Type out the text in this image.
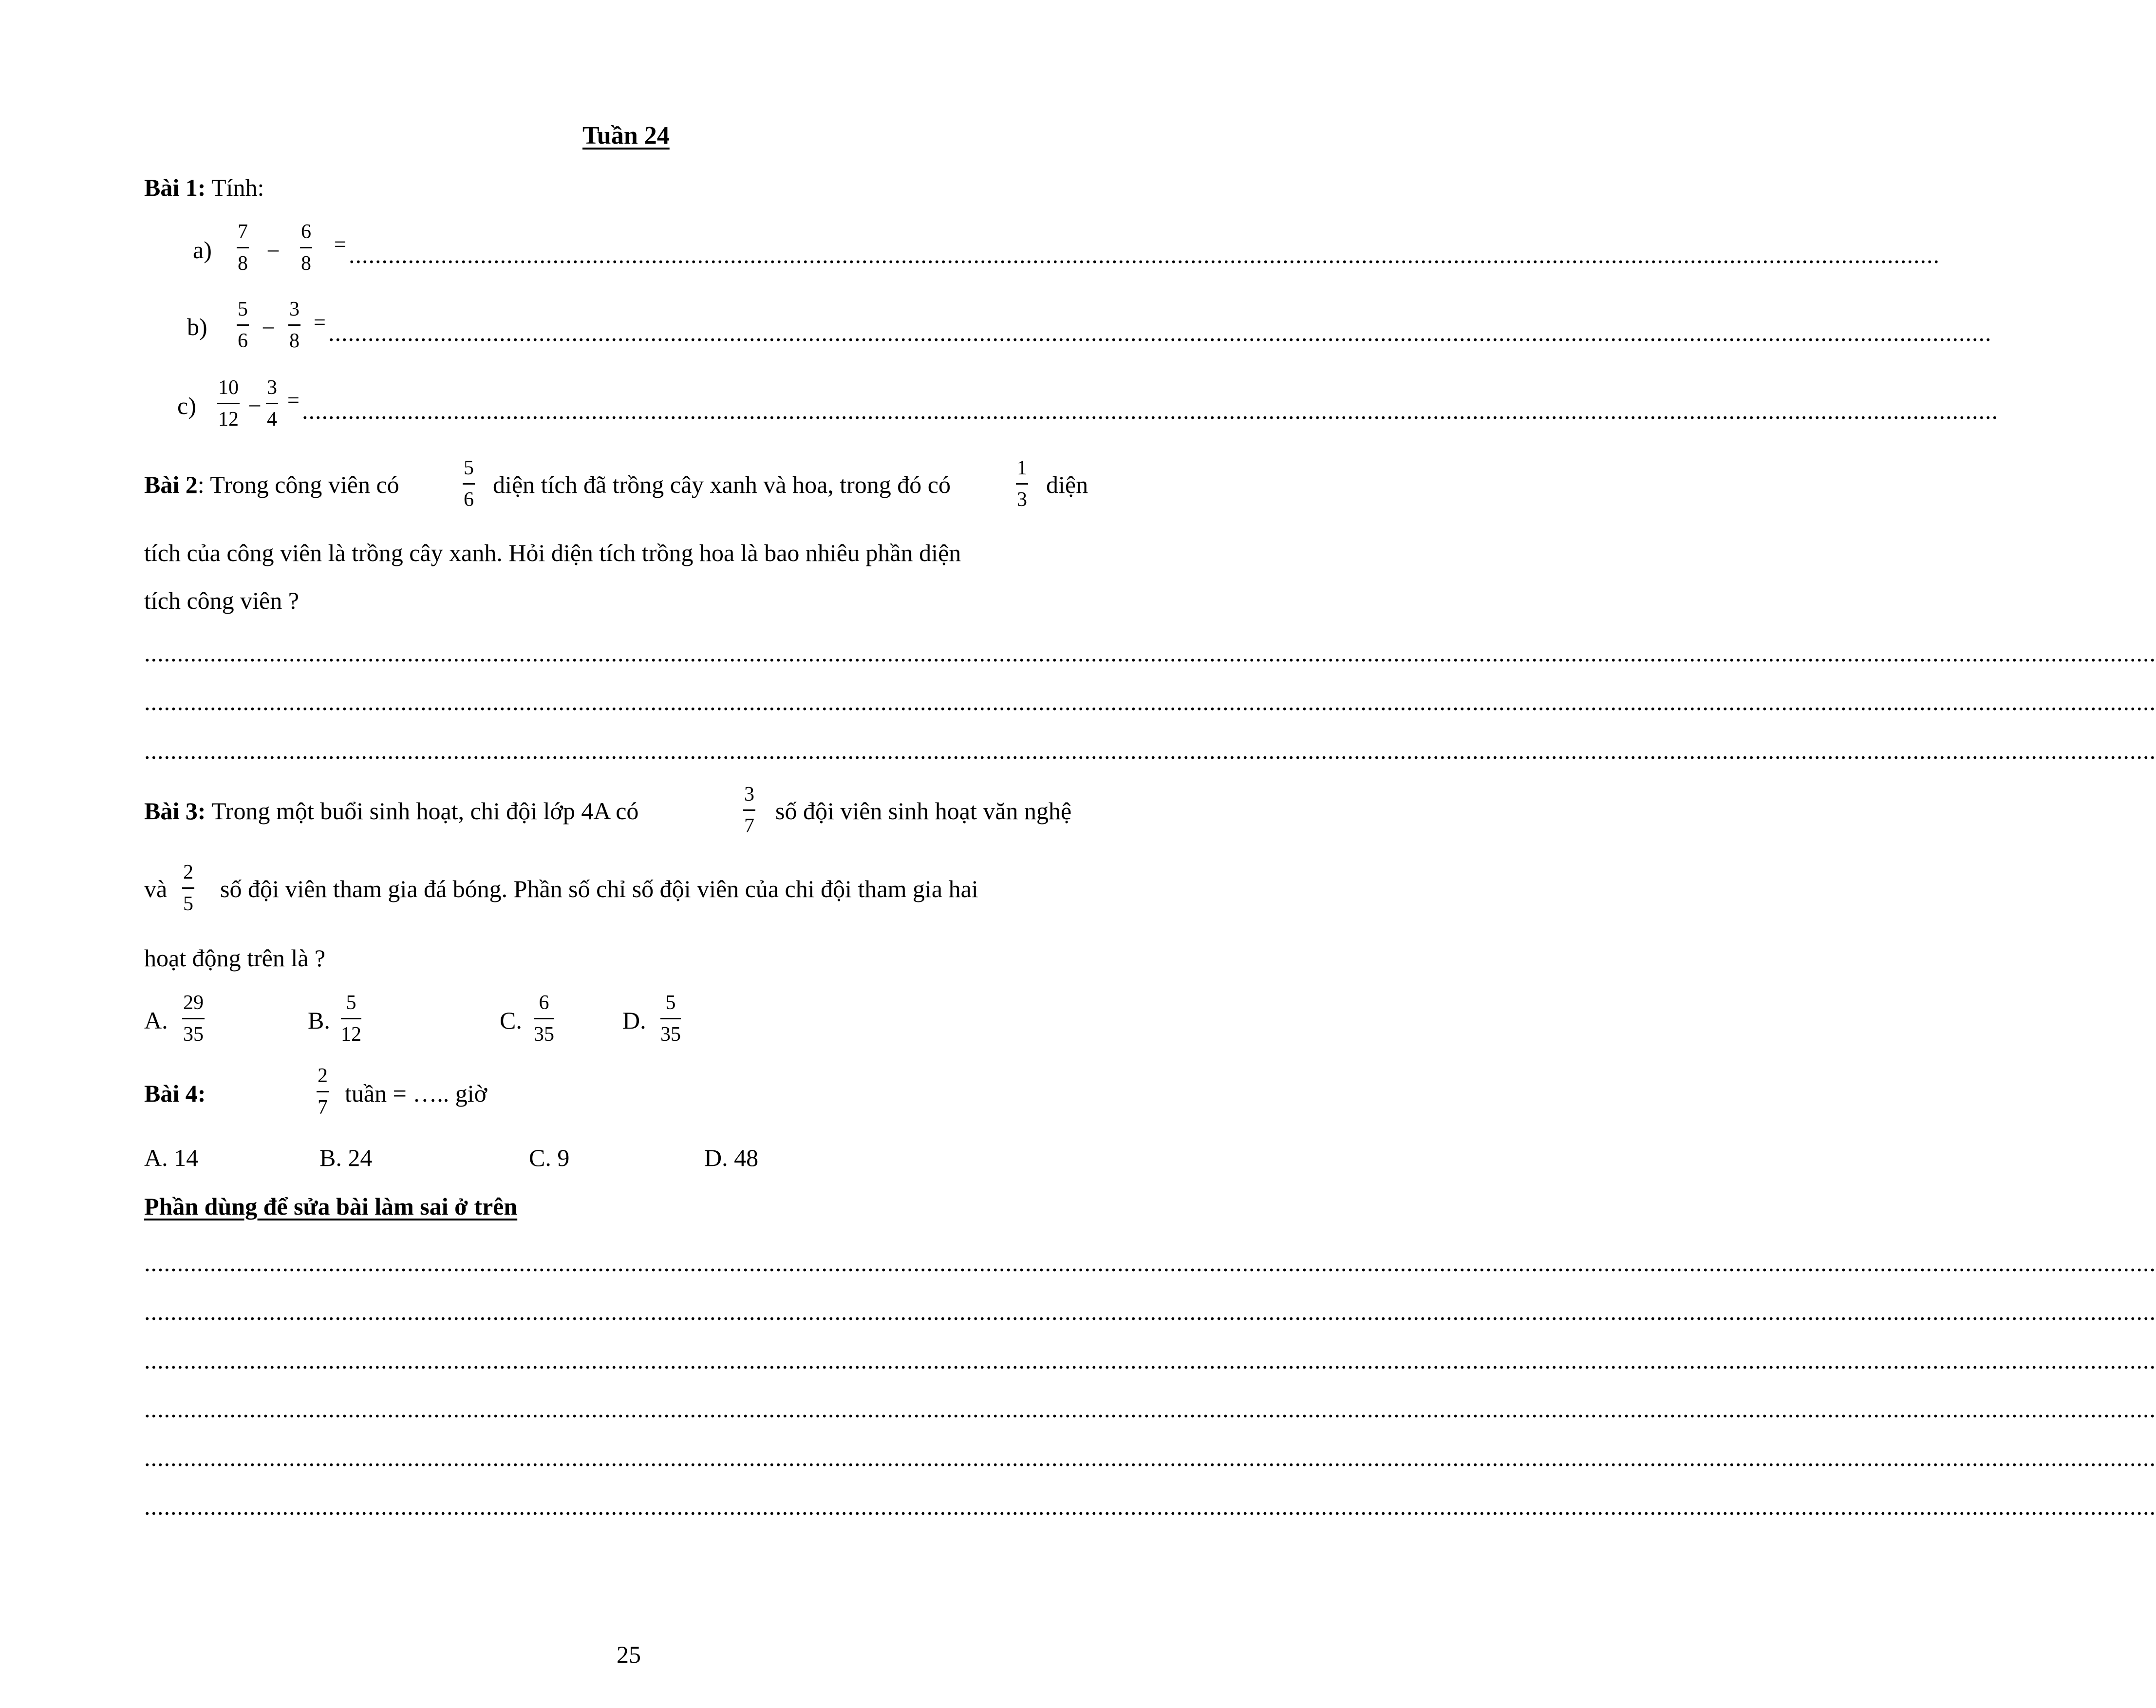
Tuần 24
Bài 1: Tính:
a)
7
8
–
6
8
= ..................................................................................................................................................................................................................................................
b)
5
6
–
3
8
= .............................................................................................................................................................................................................................................................
c)
10
12
–
3
4
= ..................................................................................................................................................................................................................................................................
Bài 2: Trong công viên có
5
6
diện tích đã trồng cây xanh và hoa, trong đó có
1
3
diện
tích của công viên là trồng cây xanh. Hỏi diện tích trồng hoa là bao nhiêu phần diện
tích công viên ?
..................................................................................................................................................................................................................................................................................................................
..................................................................................................................................................................................................................................................................................................................
..................................................................................................................................................................................................................................................................................................................
Bài 3: Trong một buổi sinh hoạt, chi đội lớp 4A có
3
7
số đội viên sinh hoạt văn nghệ
và
2
5
số đội viên tham gia đá bóng. Phần số chỉ số đội viên của chi đội tham gia hai
hoạt động trên là ?
A.
29
35
B.
5
12
C.
6
35
D.
5
35
Bài 4:
2
7
tuần = ….. giờ
A. 14	B. 24	C. 9	D. 48
Phần dùng để sửa bài làm sai ở trên
..................................................................................................................................................................................................................................................................................................................
..................................................................................................................................................................................................................................................................................................................
..................................................................................................................................................................................................................................................................................................................
..................................................................................................................................................................................................................................................................................................................
..................................................................................................................................................................................................................................................................................................................
..................................................................................................................................................................................................................................................................................................................
25
